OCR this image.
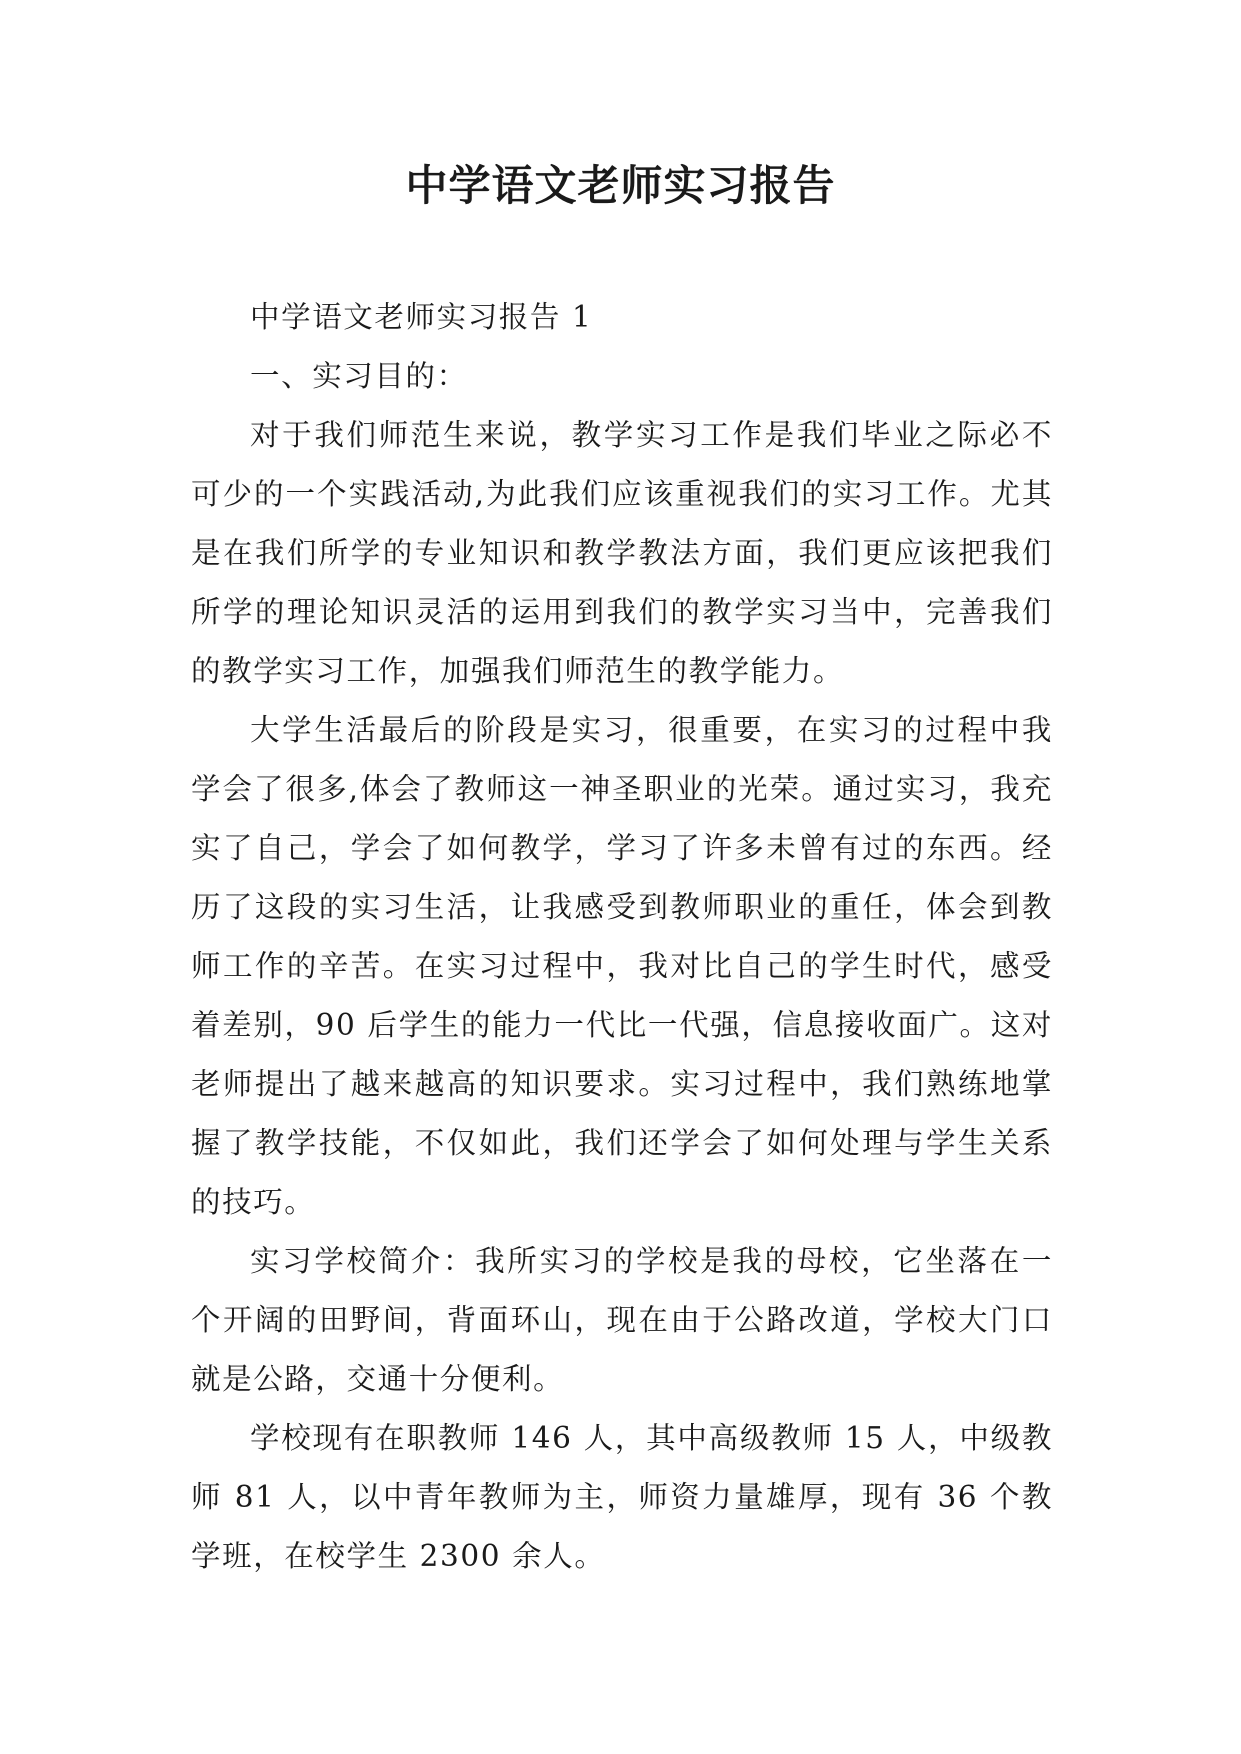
中学语文老师实习报告

中学语文老师实习报告 1

一、实习目的：

对于我们师范生来说，教学实习工作是我们毕业之际必不可少的一个实践活动,为此我们应该重视我们的实习工作。尤其是在我们所学的专业知识和教学教法方面，我们更应该把我们所学的理论知识灵活的运用到我们的教学实习当中，完善我们的教学实习工作，加强我们师范生的教学能力。

大学生活最后的阶段是实习，很重要，在实习的过程中我学会了很多,体会了教师这一神圣职业的光荣。通过实习，我充实了自己，学会了如何教学，学习了许多未曾有过的东西。经历了这段的实习生活，让我感受到教师职业的重任，体会到教师工作的辛苦。在实习过程中，我对比自己的学生时代，感受着差别，90 后学生的能力一代比一代强，信息接收面广。这对老师提出了越来越高的知识要求。实习过程中，我们熟练地掌握了教学技能，不仅如此，我们还学会了如何处理与学生关系的技巧。

实习学校简介：我所实习的学校是我的母校，它坐落在一个开阔的田野间，背面环山，现在由于公路改道，学校大门口就是公路，交通十分便利。

学校现有在职教师 146 人，其中高级教师 15 人，中级教师 81 人，以中青年教师为主，师资力量雄厚，现有 36 个教学班，在校学生 2300 余人。
